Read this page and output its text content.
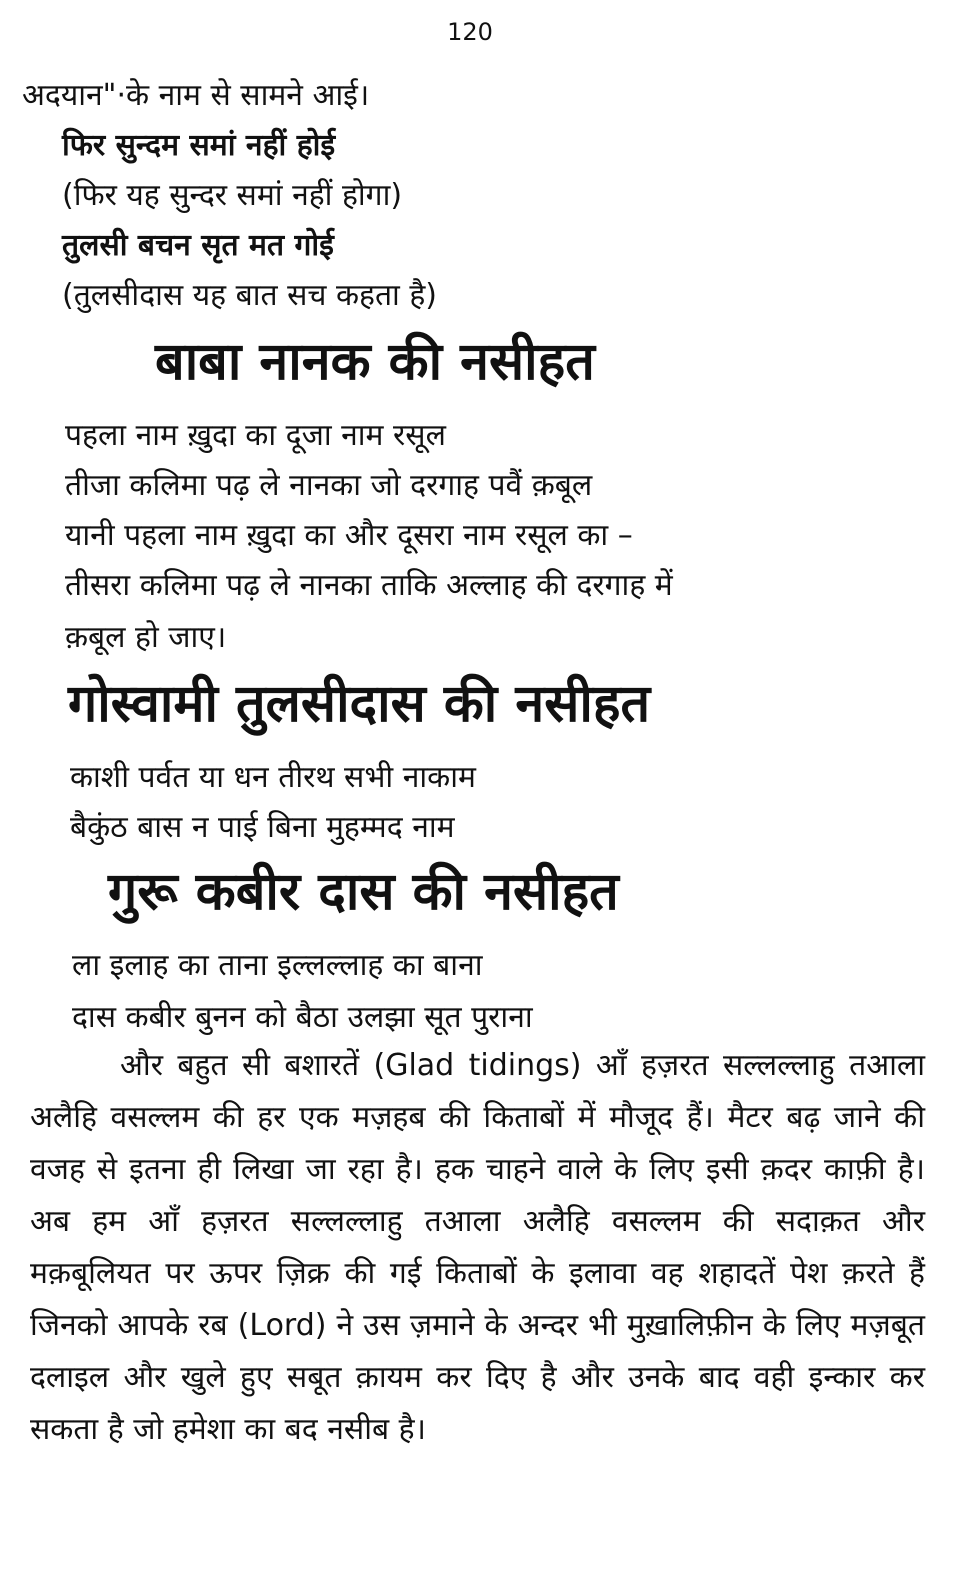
120
अदयान"·के नाम से सामने आई।
फिर सुन्दम समां नहीं होई
(फिर यह सुन्दर समां नहीं होगा)
तुलसी बचन सृत मत गोई
(तुलसीदास यह बात सच कहता है)
बाबा नानक की नसीहत
पहला नाम ख़ुदा का दूजा नाम रसूल
तीजा कलिमा पढ़ ले नानका जो दरगाह पवैं क़बूल
यानी पहला नाम ख़ुदा का और दूसरा नाम रसूल का –
तीसरा कलिमा पढ़ ले नानका ताकि अल्लाह की दरगाह में
क़बूल हो जाए।
गोस्वामी तुलसीदास की नसीहत
काशी पर्वत या धन तीरथ सभी नाकाम
बैकुंठ बास न पाई बिना मुहम्मद नाम
गुरू कबीर दास की नसीहत
ला इलाह का ताना इल्लल्लाह का बाना
दास कबीर बुनन को बैठा उलझा सूत पुराना
और बहुत सी बशारतें (Glad tidings) आँ हज़रत सल्लल्लाहु तआला अलैहि वसल्लम की हर एक मज़हब की किताबों में मौजूद हैं। मैटर बढ़ जाने की वजह से इतना ही लिखा जा रहा है। हक चाहने वाले के लिए इसी क़दर काफ़ी है। अब हम आँ हज़रत सल्लल्लाहु तआला अलैहि वसल्लम की सदाक़त और मक़बूलियत पर ऊपर ज़िक्र की गई किताबों के इलावा वह शहादतें पेश क़रते हैं जिनको आपके रब (Lord) ने उस ज़माने के अन्दर भी मुख़ालिफ़ीन के लिए मज़बूत दलाइल और खुले हुए सबूत क़ायम कर दिए है और उनके बाद वही इन्कार कर सकता है जो हमेशा का बद नसीब है।
